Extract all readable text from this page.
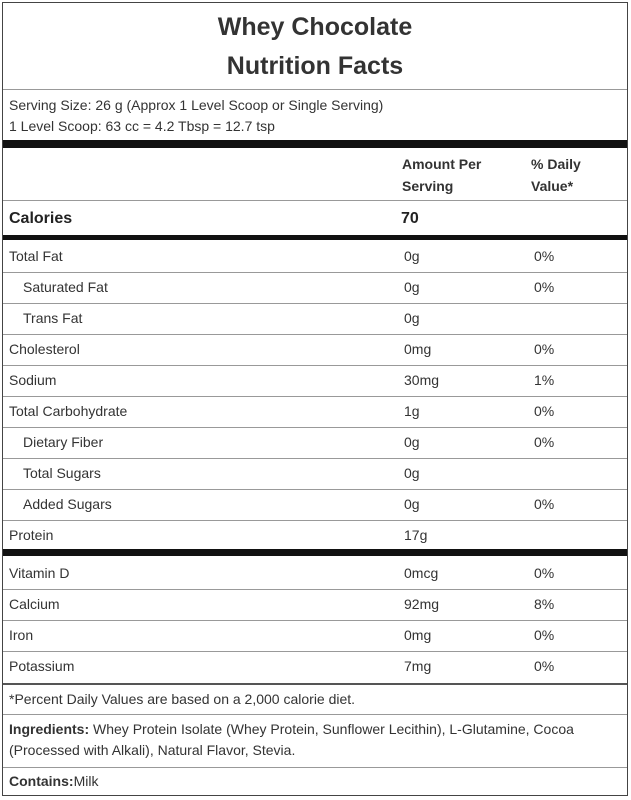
Whey Chocolate
Nutrition Facts
Serving Size: 26 g (Approx 1 Level Scoop or Single Serving)
1 Level Scoop: 63 cc = 4.2 Tbsp = 12.7 tsp
Amount Per
Serving
% Daily
Value*
Calories	70
Total Fat	0g	0%
Saturated Fat	0g	0%
Trans Fat	0g
Cholesterol	0mg	0%
Sodium	30mg	1%
Total Carbohydrate	1g	0%
Dietary Fiber	0g	0%
Total Sugars	0g
Added Sugars	0g	0%
Protein	17g
Vitamin D	0mcg	0%
Calcium	92mg	8%
Iron	0mg	0%
Potassium	7mg	0%
*Percent Daily Values are based on a 2,000 calorie diet.
Ingredients: Whey Protein Isolate (Whey Protein, Sunflower Lecithin), L-Glutamine, Cocoa (Processed with Alkali), Natural Flavor, Stevia.
Contains:Milk
